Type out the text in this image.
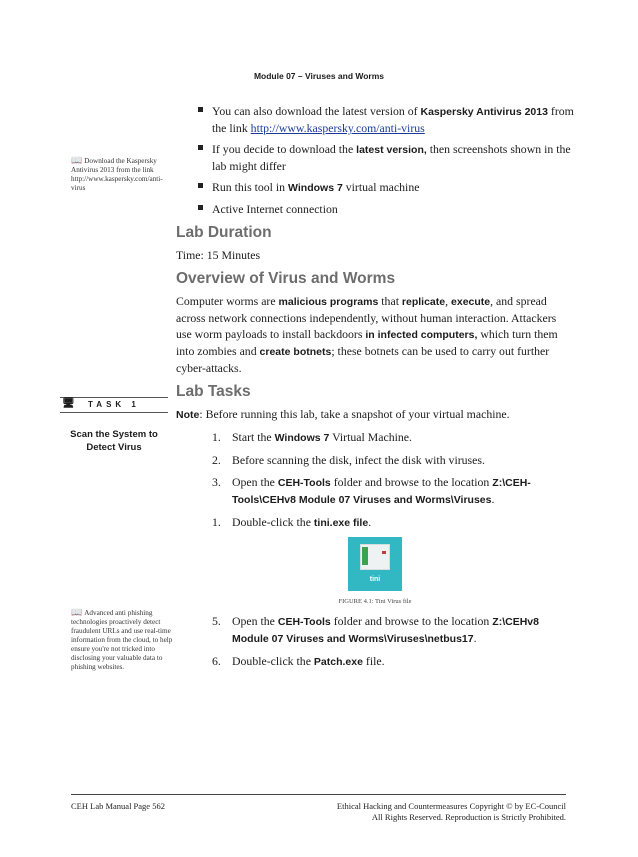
Module 07 – Viruses and Worms
📖 Download the Kaspersky Antivirus 2013 from the link http://www.kaspersky.com/anti-virus
🖥 TASK 1
Scan the System to Detect Virus
📖 Advanced anti phishing technologies proactively detect fraudulent URLs and use real-time information from the cloud, to help ensure you're not tricked into disclosing your valuable data to phishing websites.
You can also download the latest version of Kaspersky Antivirus 2013 from the link http://www.kaspersky.com/anti-virus
If you decide to download the latest version, then screenshots shown in the lab might differ
Run this tool in Windows 7 virtual machine
Active Internet connection
Lab Duration

Time: 15 Minutes

Overview of Virus and Worms

Computer worms are malicious programs that replicate, execute, and spread across network connections independently, without human interaction. Attackers use worm payloads to install backdoors in infected computers, which turn them into zombies and create botnets; these botnets can be used to carry out further cyber-attacks.

Lab Tasks

Note: Before running this lab, take a snapshot of your virtual machine.

1. Start the Windows 7 Virtual Machine.
2. Before scanning the disk, infect the disk with viruses.
3. Open the CEH-Tools folder and browse to the location Z:\CEH-Tools\CEHv8 Module 07 Viruses and Worms\Viruses.
1. Double-click the tini.exe file.
tini
FIGURE 4.1: Tini Virus file
5. Open the CEH-Tools folder and browse to the location Z:\CEHv8 Module 07 Viruses and Worms\Viruses\netbus17.
6. Double-click the Patch.exe file.
CEH Lab Manual Page 562	Ethical Hacking and Countermeasures Copyright © by EC-Council
All Rights Reserved. Reproduction is Strictly Prohibited.
